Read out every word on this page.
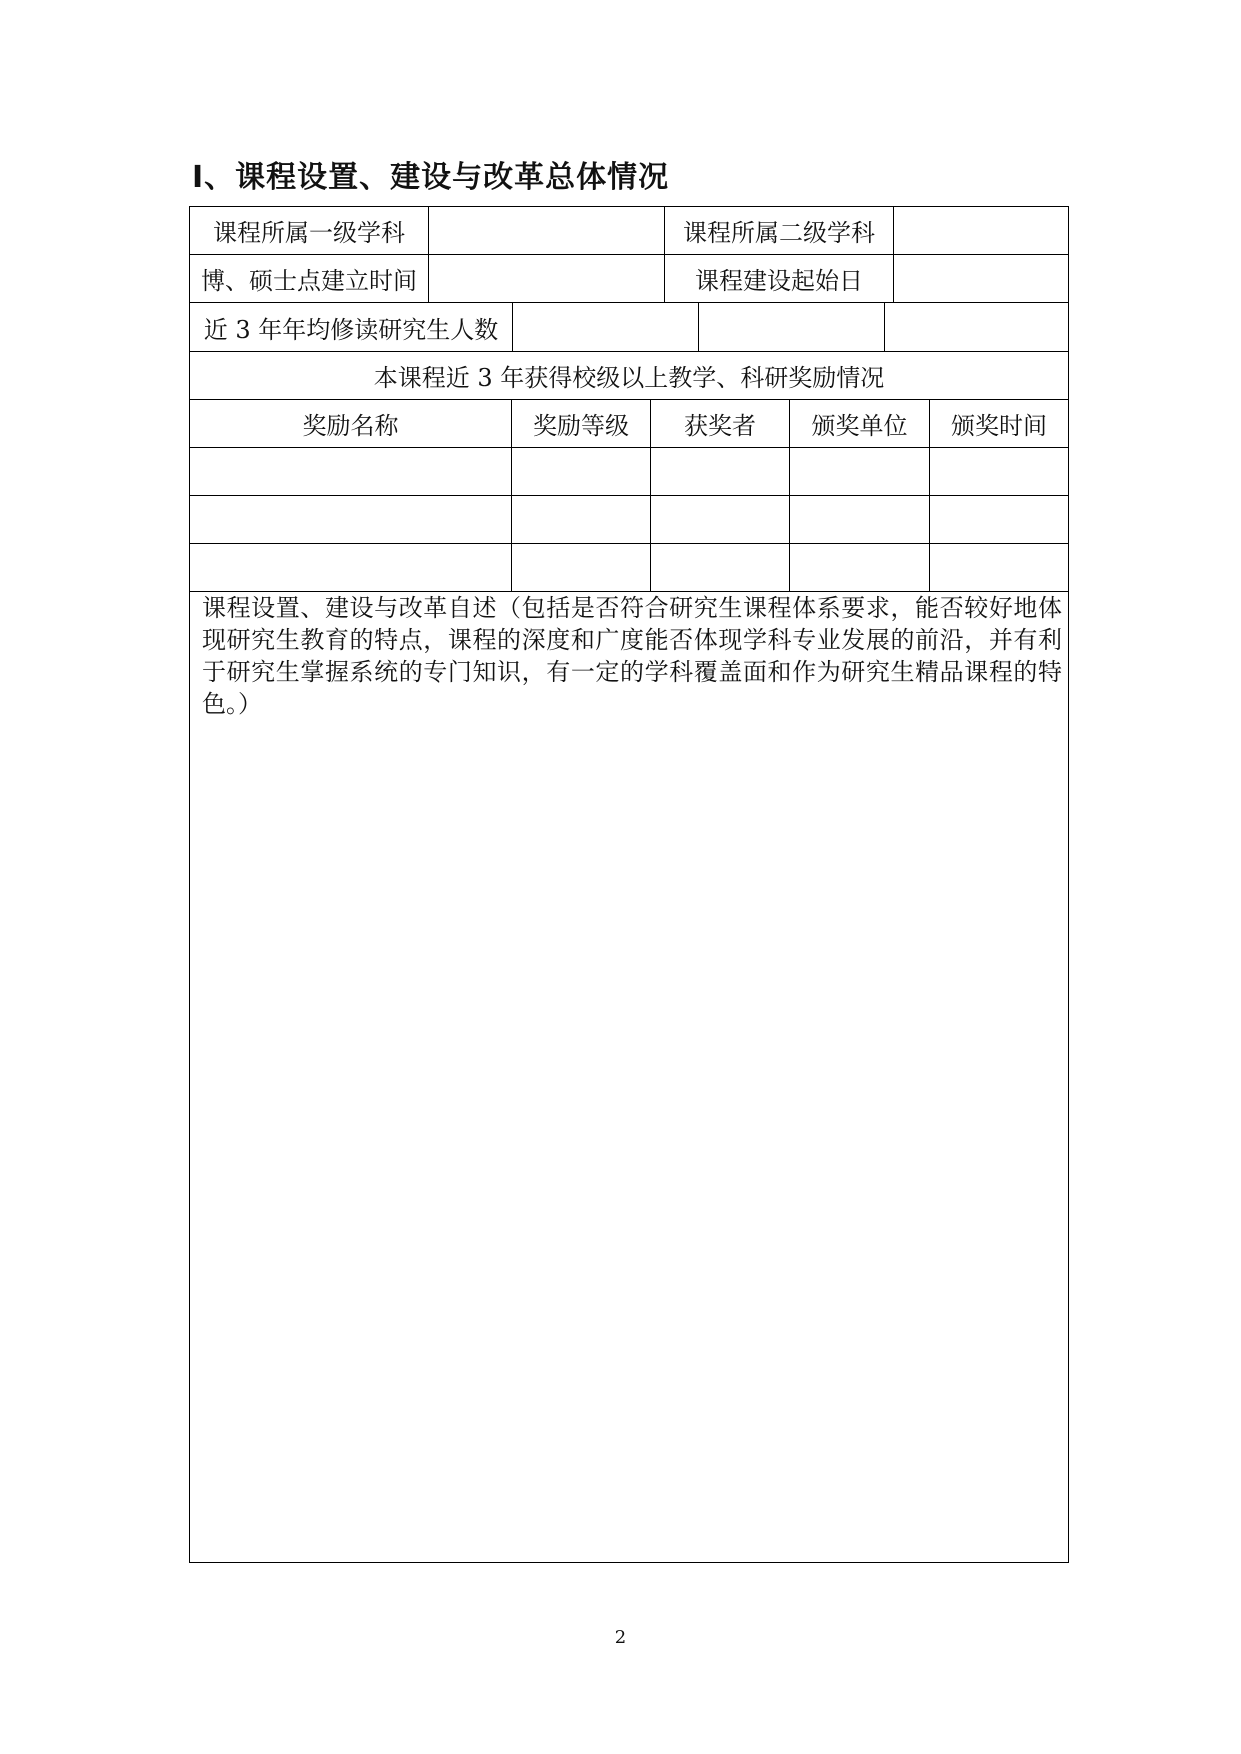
Ⅰ、课程设置、建设与改革总体情况
课程所属一级学科	课程所属二级学科
博、硕士点建立时间	课程建设起始日
近 3 年年均修读研究生人数
本课程近 3 年获得校级以上教学、科研奖励情况
奖励名称	奖励等级	获奖者	颁奖单位	颁奖时间
课程设置、建设与改革自述（包括是否符合研究生课程体系要求，能否较好地体现研究生教育的特点，课程的深度和广度能否体现学科专业发展的前沿，并有利于研究生掌握系统的专门知识，有一定的学科覆盖面和作为研究生精品课程的特色。）
2
